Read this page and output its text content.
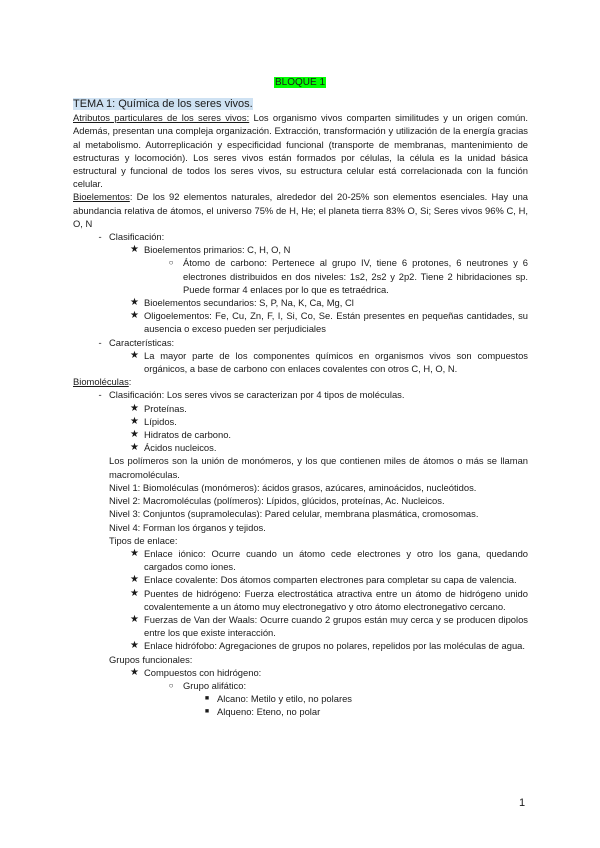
BLOQUE 1

TEMA 1: Química de los seres vivos.

Atributos particulares de los seres vivos: Los organismo vivos comparten similitudes y un origen común. Además, presentan una compleja organización. Extracción, transformación y utilización de la energía gracias al metabolismo. Autorreplicación y especificidad funcional (transporte de membranas, mantenimiento de estructuras y locomoción). Los seres vivos están formados por células, la célula es la unidad básica estructural y funcional de todos los seres vivos, su estructura celular está correlacionada con la función celular.

Bioelementos: De los 92 elementos naturales, alrededor del 20-25% son elementos esenciales. Hay una abundancia relativa de átomos, el universo 75% de H, He; el planeta tierra 83% O, Si; Seres vivos 96% C, H, O, N

- Clasificación:
★ Bioelementos primarios: C, H, O, N
○	Átomo de carbono: Pertenece al grupo IV, tiene 6 protones, 6 neutrones y 6 electrones distribuidos en dos niveles: 1s2, 2s2 y 2p2. Tiene 2 hibridaciones sp. Puede formar 4 enlaces por lo que es tetraédrica.
★ Bioelementos secundarios: S, P, Na, K, Ca, Mg, Cl
★ Oligoelementos: Fe, Cu, Zn, F, I, Si, Co, Se. Están presentes en pequeñas cantidades, su ausencia o exceso pueden ser perjudiciales
- Características:
★ La mayor parte de los componentes químicos en organismos vivos son compuestos orgánicos, a base de carbono con enlaces covalentes con otros C, H, O, N.

Biomoléculas:

- Clasificación: Los seres vivos se caracterizan por 4 tipos de moléculas.
★ Proteínas.
★ Lípidos.
★ Hidratos de carbono.
★ Ácidos nucleicos.

Los polímeros son la unión de monómeros, y los que contienen miles de átomos o más se llaman macromoléculas.

Nivel 1: Biomoléculas (monómeros): ácidos grasos, azúcares, aminoácidos, nucleótidos.

Nivel 2: Macromoléculas (polímeros): Lípidos, glúcidos, proteínas, Ac. Nucleicos.

Nivel 3: Conjuntos (supramoleculas): Pared celular, membrana plasmática, cromosomas.

Nivel 4: Forman los órganos y tejidos.

Tipos de enlace:

★ Enlace iónico: Ocurre cuando un átomo cede electrones y otro los gana, quedando cargados como iones.
★ Enlace covalente: Dos átomos comparten electrones para completar su capa de valencia.
★ Puentes de hidrógeno: Fuerza electrostática atractiva entre un átomo de hidrógeno unido covalentemente a un átomo muy electronegativo y otro átomo electronegativo cercano.
★ Fuerzas de Van der Waals: Ocurre cuando 2 grupos están muy cerca y se producen dipolos entre los que existe interacción.
★ Enlace hidrófobo: Agregaciones de grupos no polares, repelidos por las moléculas de agua.

Grupos funcionales:

★ Compuestos con hidrógeno:
○	Grupo alifático:
■ Alcano: Metilo y etilo, no polares
■ Alqueno: Eteno, no polar
1
